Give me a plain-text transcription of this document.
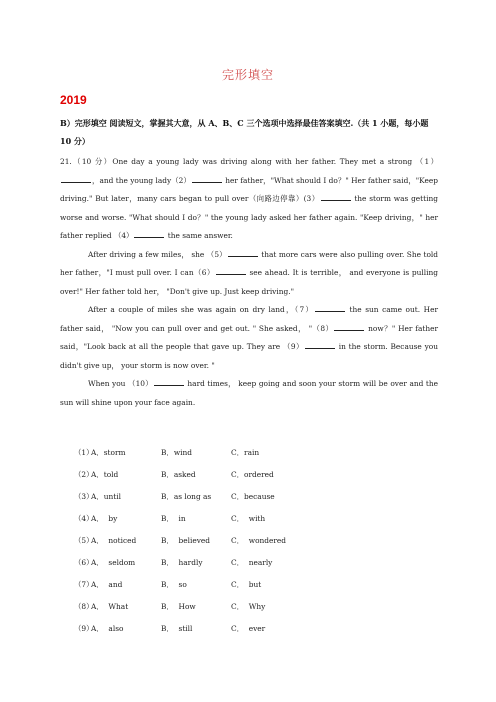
完形填空
2019
B）完形填空 阅读短文，掌握其大意，从 A、B、C 三个选项中选择最佳答案填空.（共 1 小题，每小题 10 分）

21.（10 分）One day a young lady was driving along with her father. They met a strong （1），and the young lady（2）	her father，"What should I do？" Her father said，"Keep driving." But later，many cars began to pull over（向路边停靠）(3）	the storm was getting worse and worse. "What should I do？" the young lady asked her father again. "Keep driving，" her father replied （4）	the same answer.

After driving a few miles， she （5）	that more cars were also pulling over. She told her father，"I must pull over. I can（6）	see ahead. It is terrible， and everyone is pulling over!" Her father told her， "Don't give up. Just keep driving."

After a couple of miles she was again on dry land，（7）	the sun came out. Her father said， "Now you can pull over and get out. " She asked， "（8）	now？" Her father said，"Look back at all the people that gave up. They are （9）	in the storm. Because you didn't give up， your storm is now over. "

When you （10）	hard times， keep going and soon your storm will be over and the sun will shine upon your face again.

（1）
A．storm	B．wind	C．rain
（2）
A．told	B．asked	C．ordered
（3）
A．until	B．as long as	C．because
（4）
A．  by	B．  in	C．  with
（5）
A．  noticed	B．  believed	C．  wondered
（6）
A．  seldom	B．  hardly	C．  nearly
（7）
A．  and	B．  so	C．  but
（8）
A．  What	B．  How	C．  Why
（9）
A．  also	B．  still	C．  ever
